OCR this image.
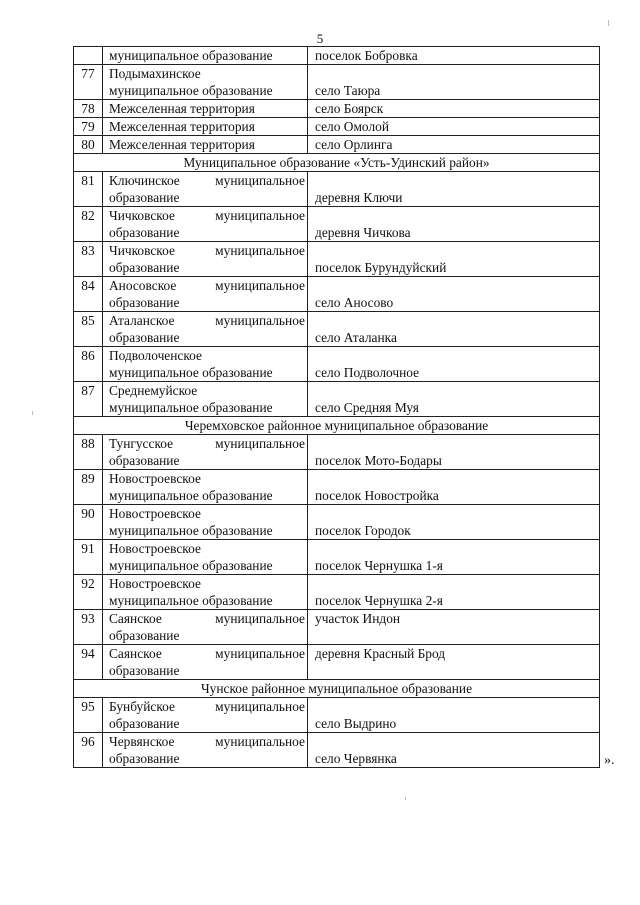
5

	муниципальное образование	поселок Бобровка
77	Подымахинское
муниципальное образование	село Таюра
78	Межселенная территория	село Боярск
79	Межселенная территория	село Омолой
80	Межселенная территория	село Орлинга
Муниципальное образование «Усть-Удинский район»		
81	Ключинское муниципальное
образование	деревня Ключи
82	Чичковское муниципальное
образование	деревня Чичкова
83	Чичковское муниципальное
образование	поселок Бурундуйский
84	Аносовское муниципальное
образование	село Аносово
85	Аталанское муниципальное
образование	село Аталанка
86	Подволоченское
муниципальное образование	село Подволочное
87	Среднемуйское
муниципальное образование	село Средняя Муя
Черемховское районное муниципальное образование		
88	Тунгусское муниципальное
образование	поселок Мото-Бодары
89	Новостроевское
муниципальное образование	поселок Новостройка
90	Новостроевское
муниципальное образование	поселок Городок
91	Новостроевское
муниципальное образование	поселок Чернушка 1-я
92	Новостроевское
муниципальное образование	поселок Чернушка 2-я
93	Саянское муниципальное
образование	участок Индон
94	Саянское муниципальное
образование	деревня Красный Брод
Чунское районное муниципальное образование		
95	Бунбуйское муниципальное
образование	село Выдрино
96	Червянское муниципальное
образование	село Червянка	».
